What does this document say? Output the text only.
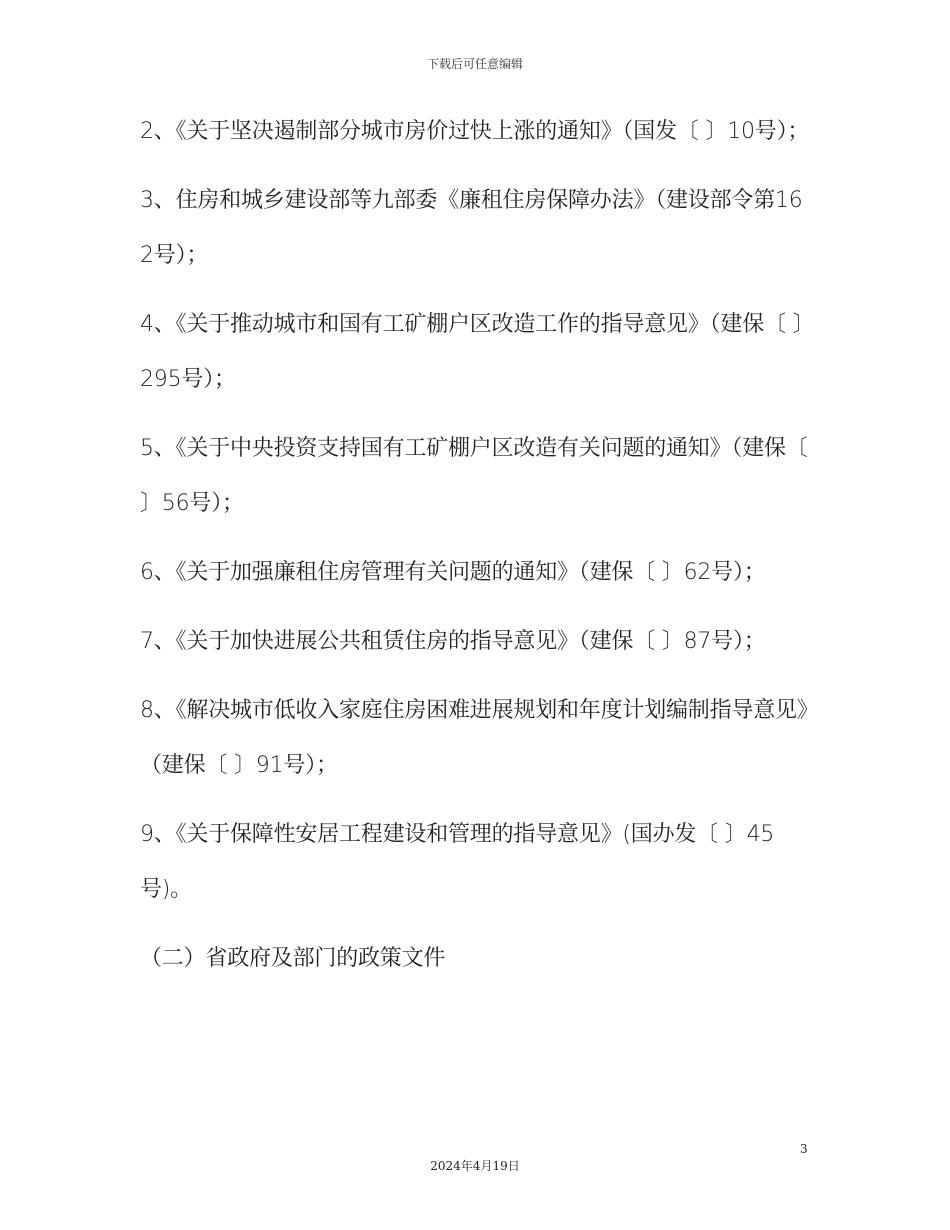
下载后可任意编辑

2、《关于坚决遏制部分城市房价过快上涨的通知》（国发〔 〕10号）；

3、住房和城乡建设部等九部委《廉租住房保障办法》（建设部令第162号）；

4、《关于推动城市和国有工矿棚户区改造工作的指导意见》（建保〔 〕295号）；

5、《关于中央投资支持国有工矿棚户区改造有关问题的通知》（建保〔 〕56号）；

6、《关于加强廉租住房管理有关问题的通知》（建保〔 〕62号）；

7、《关于加快进展公共租赁住房的指导意见》（建保〔 〕87号）；

8、《解决城市低收入家庭住房困难进展规划和年度计划编制指导意见》（建保〔 〕91号）；

9、《关于保障性安居工程建设和管理的指导意见》(国办发〔 〕45号)。

（二）省政府及部门的政策文件

3
2024年4月19日
